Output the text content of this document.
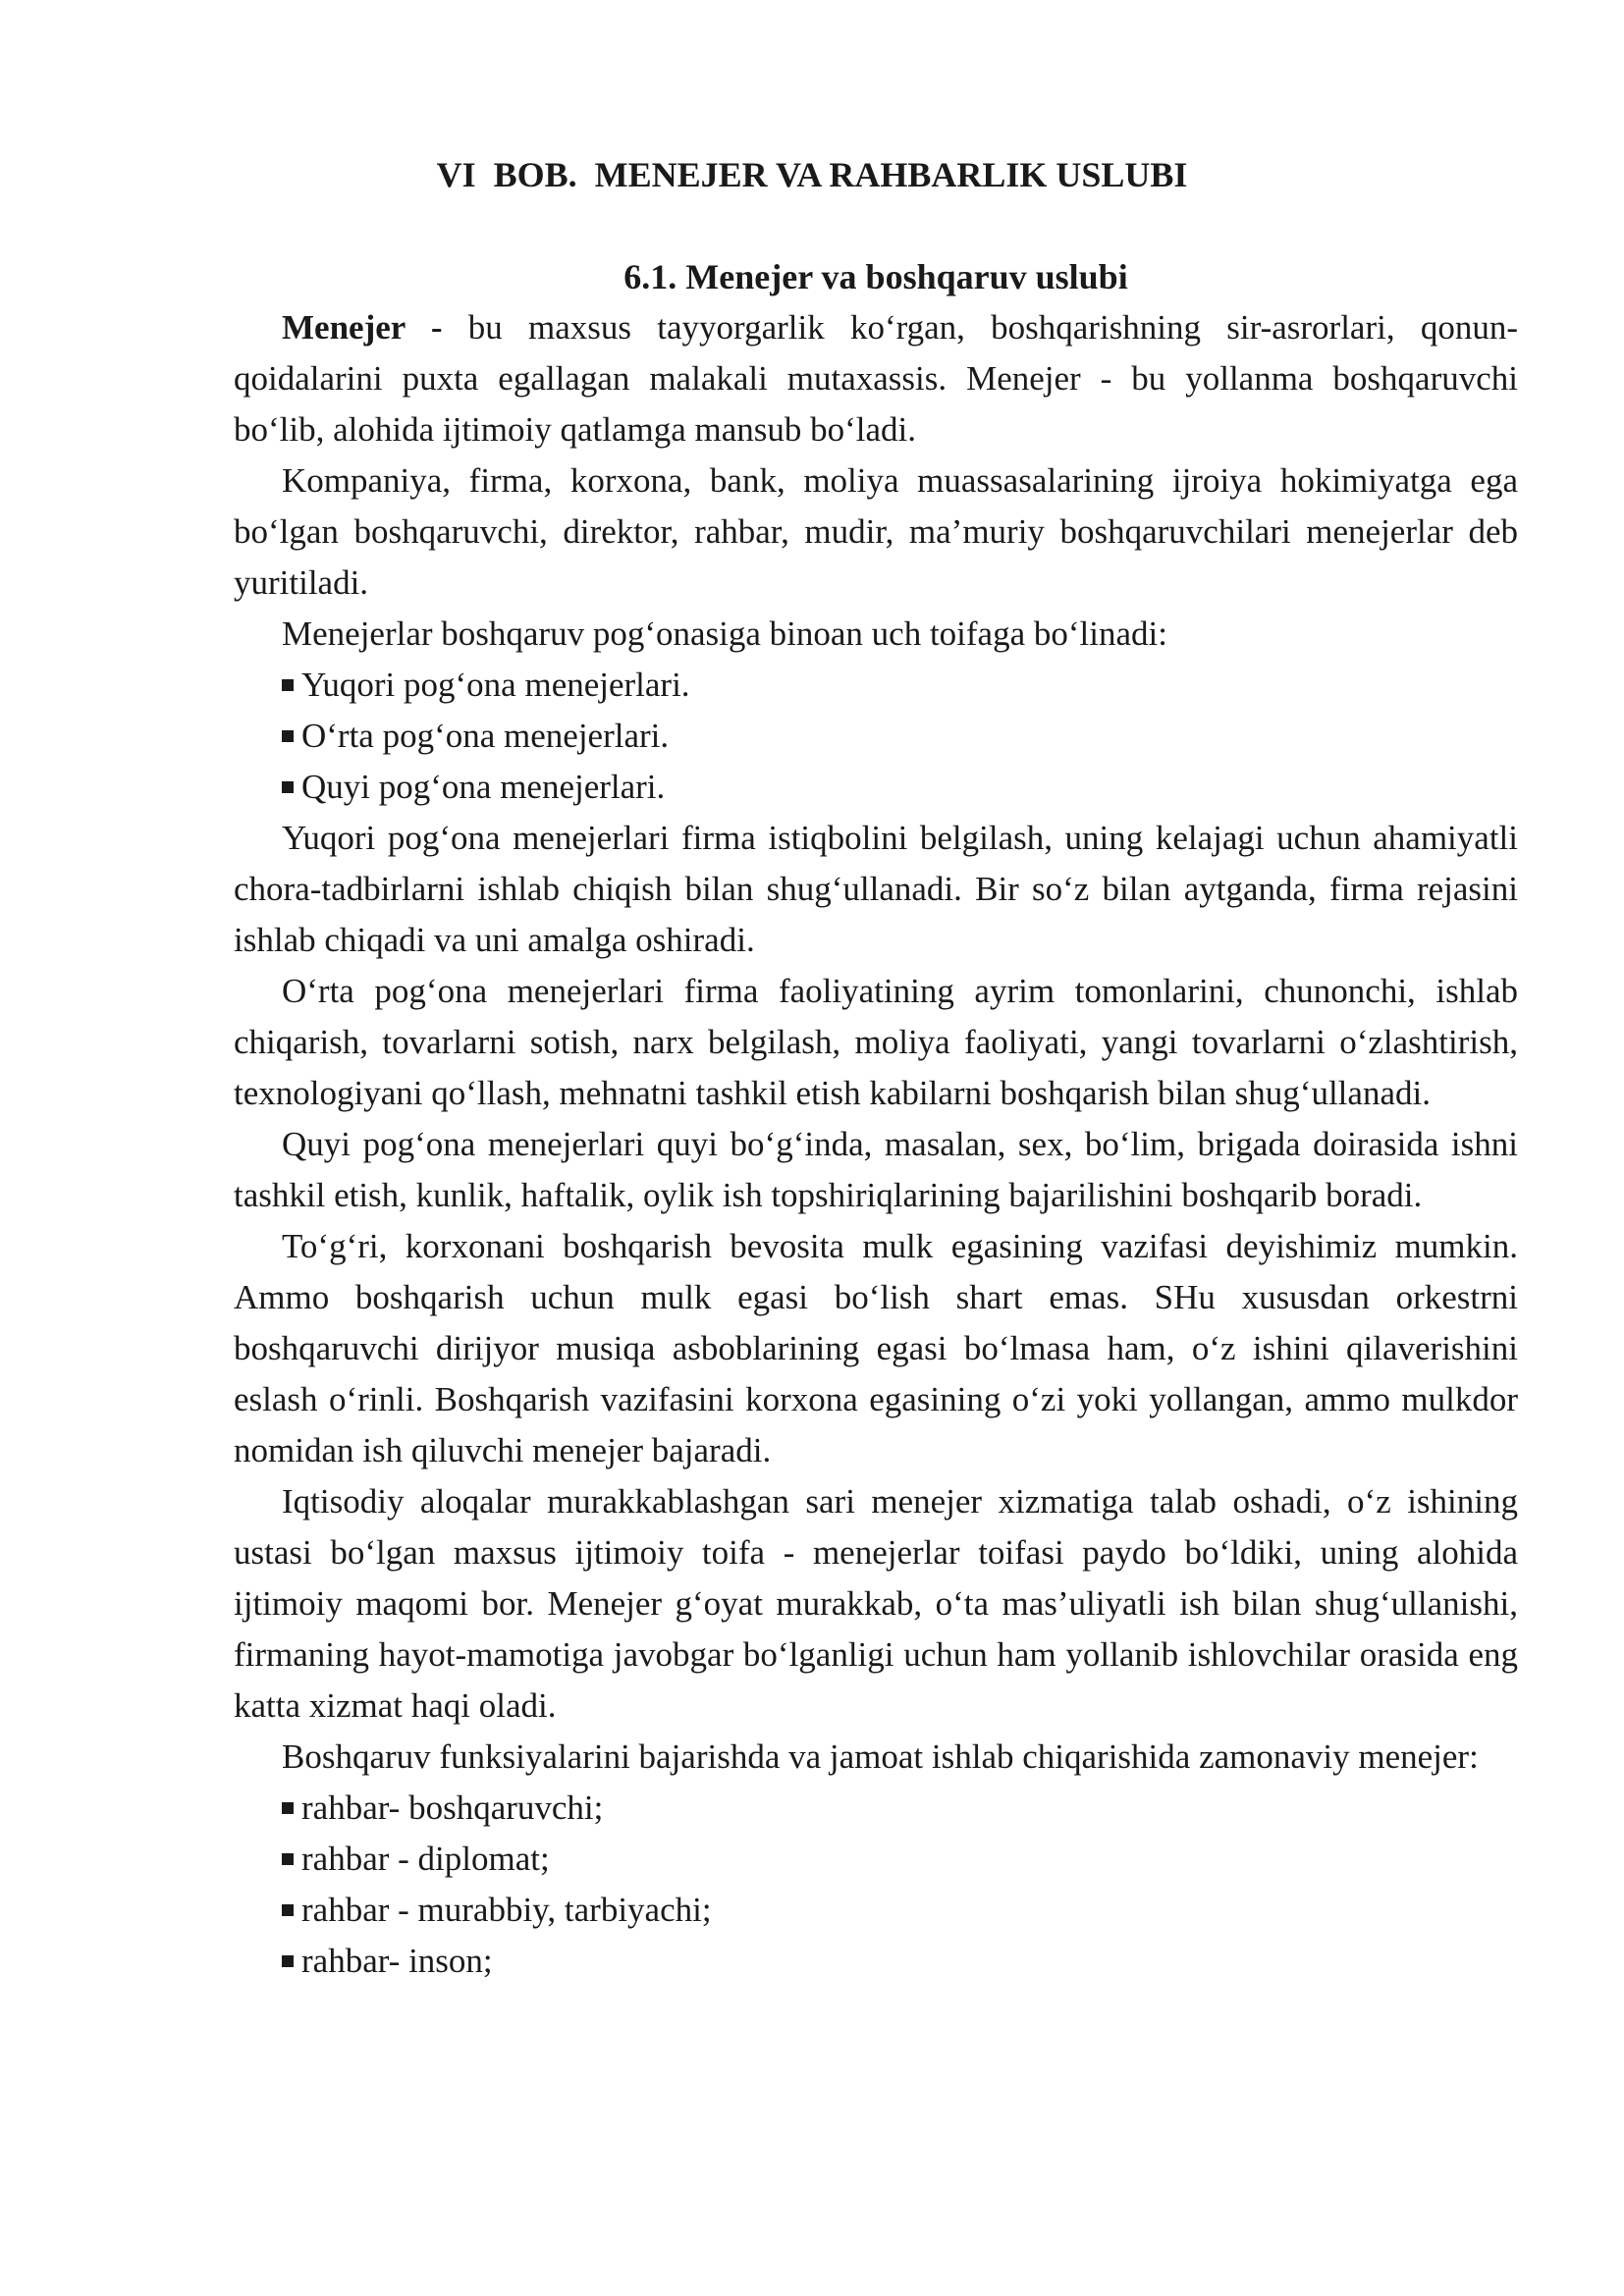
VI  BOB.  MENEJER VA RAHBARLIK USLUBI
6.1. Menejer va boshqaruv uslubi

Menejer - bu maxsus tayyorgarlik ko‘rgan, boshqarishning sir-asrorlari, qonun-qoidalarini puxta egallagan malakali mutaxassis. Menejer - bu yollanma boshqaruvchi bo‘lib, alohida ijtimoiy qatlamga mansub bo‘ladi.

Kompaniya, firma, korxona, bank, moliya muassasalarining ijroiya hokimiyatga ega bo‘lgan boshqaruvchi, direktor, rahbar, mudir, ma’muriy boshqaruvchilari menejerlar deb yuritiladi.

Menejerlar boshqaruv pog‘onasiga binoan uch toifaga bo‘linadi:

Yuqori pog‘ona menejerlari.
O‘rta pog‘ona menejerlari.
Quyi pog‘ona menejerlari.

Yuqori pog‘ona menejerlari firma istiqbolini belgilash, uning kelajagi uchun ahamiyatli chora-tadbirlarni ishlab chiqish bilan shug‘ullanadi. Bir so‘z bilan aytganda, firma rejasini ishlab chiqadi va uni amalga oshiradi.

O‘rta pog‘ona menejerlari firma faoliyatining ayrim tomonlarini, chunonchi, ishlab chiqarish, tovarlarni sotish, narx belgilash, moliya faoliyati, yangi tovarlarni o‘zlashtirish, texnologiyani qo‘llash, mehnatni tashkil etish kabilarni boshqarish bilan shug‘ullanadi.

Quyi pog‘ona menejerlari quyi bo‘g‘inda, masalan, sex, bo‘lim, brigada doirasida ishni tashkil etish, kunlik, haftalik, oylik ish topshiriqlarining bajarilishini boshqarib boradi.

To‘g‘ri, korxonani boshqarish bevosita mulk egasining vazifasi deyishimiz mumkin. Ammo boshqarish uchun mulk egasi bo‘lish shart emas. SHu xususdan orkestrni boshqaruvchi dirijyor musiqa asboblarining egasi bo‘lmasa ham, o‘z ishini qilaverishini eslash o‘rinli. Boshqarish vazifasini korxona egasining o‘zi yoki yollangan, ammo mulkdor nomidan ish qiluvchi menejer bajaradi.

Iqtisodiy aloqalar murakkablashgan sari menejer xizmatiga talab oshadi, o‘z ishining ustasi bo‘lgan maxsus ijtimoiy toifa - menejerlar toifasi paydo bo‘ldiki, uning alohida ijtimoiy maqomi bor. Menejer g‘oyat murakkab, o‘ta mas’uliyatli ish bilan shug‘ullanishi, firmaning hayot-mamotiga javobgar bo‘lganligi uchun ham yollanib ishlovchilar orasida eng katta xizmat haqi oladi.

Boshqaruv funksiyalarini bajarishda va jamoat ishlab chiqarishida zamonaviy menejer:

rahbar- boshqaruvchi;
rahbar - diplomat;
rahbar - murabbiy, tarbiyachi;
rahbar- inson;
